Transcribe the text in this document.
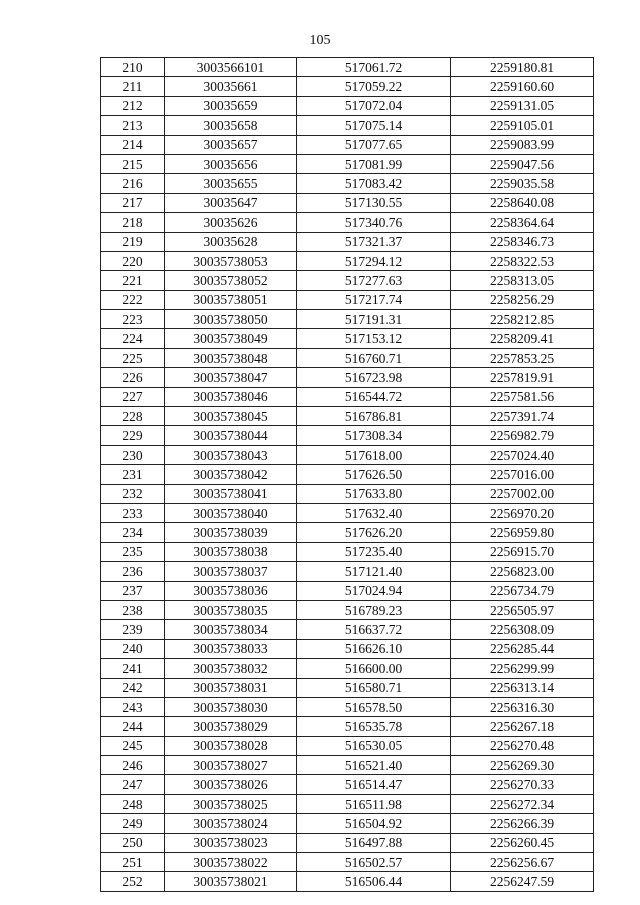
105
210	3003566101	517061.72	2259180.81
211	30035661	517059.22	2259160.60
212	30035659	517072.04	2259131.05
213	30035658	517075.14	2259105.01
214	30035657	517077.65	2259083.99
215	30035656	517081.99	2259047.56
216	30035655	517083.42	2259035.58
217	30035647	517130.55	2258640.08
218	30035626	517340.76	2258364.64
219	30035628	517321.37	2258346.73
220	30035738053	517294.12	2258322.53
221	30035738052	517277.63	2258313.05
222	30035738051	517217.74	2258256.29
223	30035738050	517191.31	2258212.85
224	30035738049	517153.12	2258209.41
225	30035738048	516760.71	2257853.25
226	30035738047	516723.98	2257819.91
227	30035738046	516544.72	2257581.56
228	30035738045	516786.81	2257391.74
229	30035738044	517308.34	2256982.79
230	30035738043	517618.00	2257024.40
231	30035738042	517626.50	2257016.00
232	30035738041	517633.80	2257002.00
233	30035738040	517632.40	2256970.20
234	30035738039	517626.20	2256959.80
235	30035738038	517235.40	2256915.70
236	30035738037	517121.40	2256823.00
237	30035738036	517024.94	2256734.79
238	30035738035	516789.23	2256505.97
239	30035738034	516637.72	2256308.09
240	30035738033	516626.10	2256285.44
241	30035738032	516600.00	2256299.99
242	30035738031	516580.71	2256313.14
243	30035738030	516578.50	2256316.30
244	30035738029	516535.78	2256267.18
245	30035738028	516530.05	2256270.48
246	30035738027	516521.40	2256269.30
247	30035738026	516514.47	2256270.33
248	30035738025	516511.98	2256272.34
249	30035738024	516504.92	2256266.39
250	30035738023	516497.88	2256260.45
251	30035738022	516502.57	2256256.67
252	30035738021	516506.44	2256247.59
